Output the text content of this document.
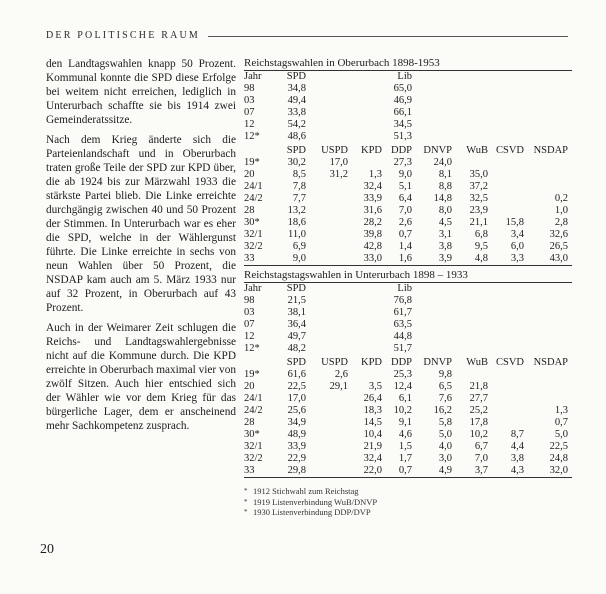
DER POLITISCHE RAUM

den Landtagswahlen knapp 50 Prozent. Kommunal konnte die SPD diese Erfolge bei weitem nicht erreichen, lediglich in Unterurbach schaffte sie bis 1914 zwei Gemeinderatssitze.

Nach dem Krieg änderte sich die Parteienlandschaft und in Oberurbach traten große Teile der SPD zur KPD über, die ab 1924 bis zur Märzwahl 1933 die stärkste Partei blieb. Die Linke erreichte durchgängig zwischen 40 und 50 Prozent der Stimmen. In Unterurbach war es eher die SPD, welche in der Wählergunst führte. Die Linke erreichte in sechs von neun Wahlen über 50 Prozent, die NSDAP kam auch am 5. März 1933 nur auf 32 Prozent, in Oberurbach auf 43 Prozent.

Auch in der Weimarer Zeit schlugen die Reichs- und Landtagswahlergebnisse nicht auf die Kommune durch. Die KPD erreichte in Oberurbach maximal vier von zwölf Sitzen. Auch hier entschied sich der Wähler wie vor dem Krieg für das bürgerliche Lager, dem er anscheinend mehr Sachkompetenz zusprach.

20
Reichstagswahlen in Oberurbach 1898-1953
Jahr	SPD			Lib				
98	34,8			65,0				
03	49,4			46,9				
07	33,8			66,1				
12	54,2			34,5				
12*	48,6			51,3				
	SPD	USPD	KPD	DDP	DNVP	WuB	CSVD	NSDAP
19*	30,2	17,0		27,3	24,0			
20	8,5	31,2	1,3	9,0	8,1	35,0		
24/1	7,8		32,4	5,1	8,8	37,2		
24/2	7,7		33,9	6,4	14,8	32,5		0,2
28	13,2		31,6	7,0	8,0	23,9		1,0
30*	18,6		28,2	2,6	4,5	21,1	15,8	2,8
32/1	11,0		39,8	0,7	3,1	6,8	3,4	32,6
32/2	6,9		42,8	1,4	3,8	9,5	6,0	26,5
33	9,0		33,0	1,6	3,9	4,8	3,3	43,0
Reichstagstagswahlen in Unterurbach 1898 – 1933
Jahr	SPD			Lib				
98	21,5			76,8				
03	38,1			61,7				
07	36,4			63,5				
12	49,7			44,8				
12*	48,2			51,7				
	SPD	USPD	KPD	DDP	DNVP	WuB	CSVD	NSDAP
19*	61,6	2,6		25,3	9,8			
20	22,5	29,1	3,5	12,4	6,5	21,8		
24/1	17,0		26,4	6,1	7,6	27,7		
24/2	25,6		18,3	10,2	16,2	25,2		1,3
28	34,9		14,5	9,1	5,8	17,8		0,7
30*	48,9		10,4	4,6	5,0	10,2	8,7	5,0
32/1	33,9		21,9	1,5	4,0	6,7	4,4	22,5
32/2	22,9		32,4	1,7	3,0	7,0	3,8	24,8
33	29,8		22,0	0,7	4,9	3,7	4,3	32,0
* 1912 Stichwahl zum Reichstag
* 1919 Listenverbindung WuB/DNVP
* 1930 Listenverbindung DDP/DVP
